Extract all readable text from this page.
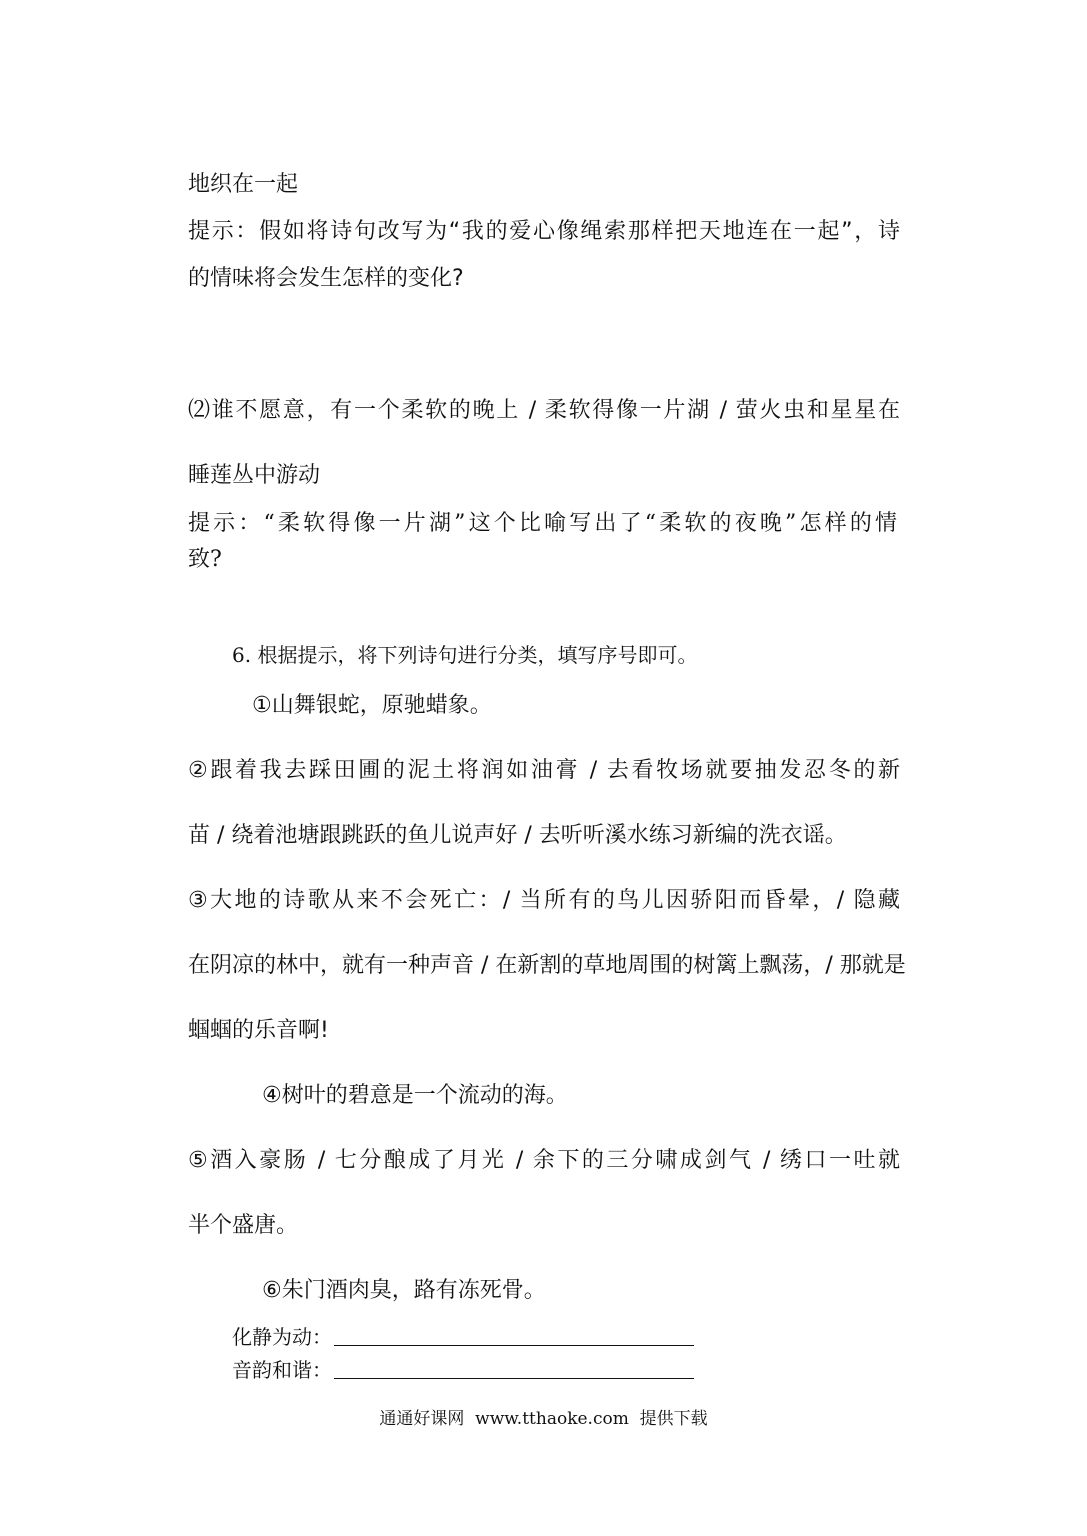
地织在一起
提示：假如将诗句改写为“我的爱心像绳索那样把天地连在一起”，诗
的情味将会发生怎样的变化?
⑵谁不愿意，有一个柔软的晚上 / 柔软得像一片湖 / 萤火虫和星星在
睡莲丛中游动
提示：“柔软得像一片湖”这个比喻写出了“柔软的夜晚”怎样的情
致?
6. 根据提示，将下列诗句进行分类，填写序号即可。
①山舞银蛇，原驰蜡象。
②跟着我去踩田圃的泥土将润如油膏 / 去看牧场就要抽发忍冬的新
苗 / 绕着池塘跟跳跃的鱼儿说声好 / 去听听溪水练习新编的洗衣谣。
③大地的诗歌从来不会死亡：/ 当所有的鸟儿因骄阳而昏晕，/ 隐藏
在阴凉的林中，就有一种声音 / 在新割的草地周围的树篱上飘荡，/ 那就是
蝈蝈的乐音啊!
④树叶的碧意是一个流动的海。
⑤酒入豪肠 / 七分酿成了月光 / 余下的三分啸成剑气 / 绣口一吐就
半个盛唐。
⑥朱门酒肉臭，路有冻死骨。
化静为动：
音韵和谐：
通通好课网  www.tthaoke.com  提供下载
